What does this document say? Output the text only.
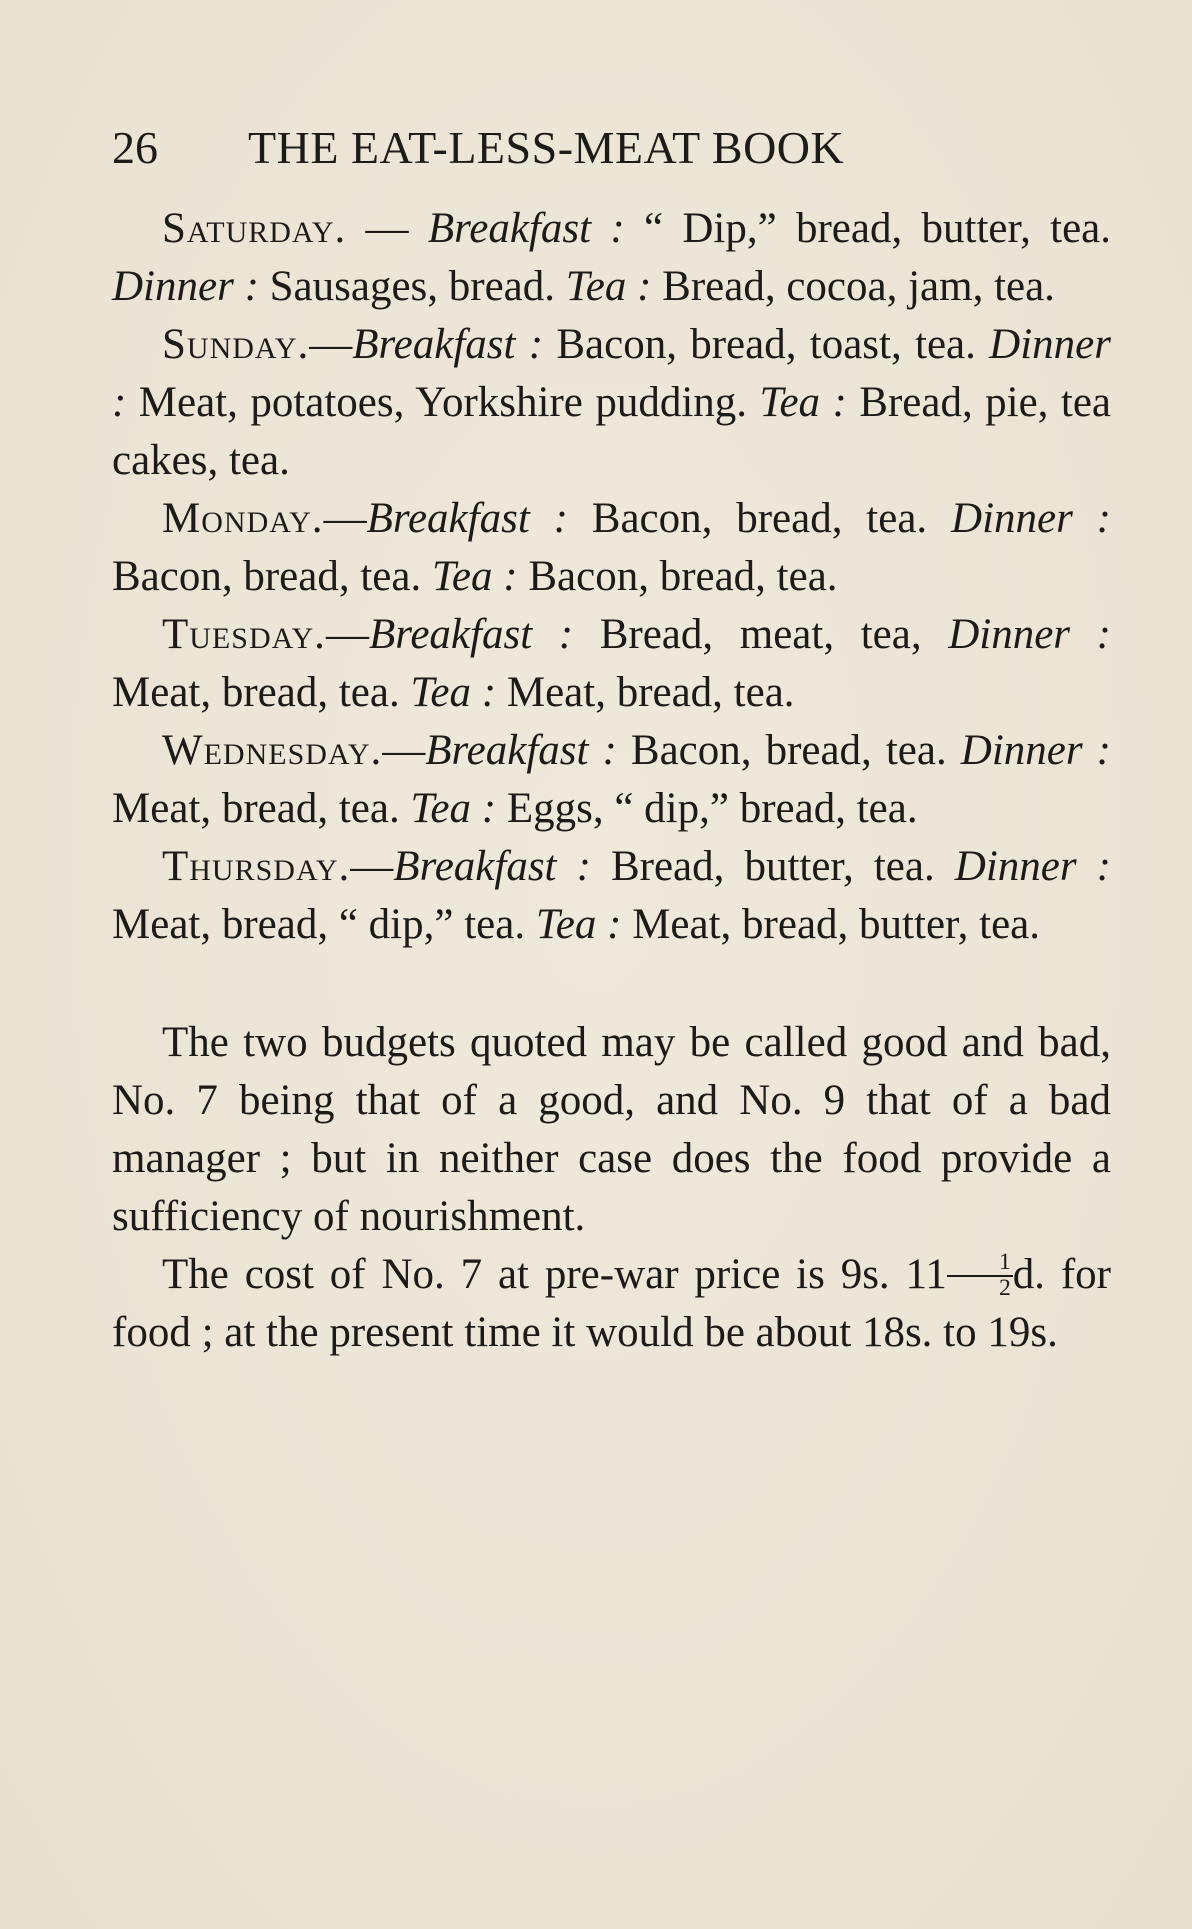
26 THE EAT-LESS-MEAT BOOK

Saturday. — Breakfast : “ Dip,” bread, butter, tea. Dinner : Sausages, bread. Tea : Bread, cocoa, jam, tea.

Sunday.—Breakfast : Bacon, bread, toast, tea. Dinner : Meat, potatoes, Yorkshire pudding. Tea : Bread, pie, tea cakes, tea.

Monday.—Breakfast : Bacon, bread, tea. Dinner : Bacon, bread, tea. Tea : Bacon, bread, tea.

Tuesday.—Breakfast : Bread, meat, tea, Dinner : Meat, bread, tea. Tea : Meat, bread, tea.

Wednesday.—Breakfast : Bacon, bread, tea. Dinner : Meat, bread, tea. Tea : Eggs, “ dip,” bread, tea.

Thursday.—Breakfast : Bread, butter, tea. Dinner : Meat, bread, “ dip,” tea. Tea : Meat, bread, butter, tea.

The two budgets quoted may be called good and bad, No. 7 being that of a good, and No. 9 that of a bad manager ; but in neither case does the food provide a sufficiency of nourishment.

The cost of No. 7 at pre-war price is 9s. $11 \frac{1}{2} d$. for food ; at the present time it would be about 18s. to 19s.
